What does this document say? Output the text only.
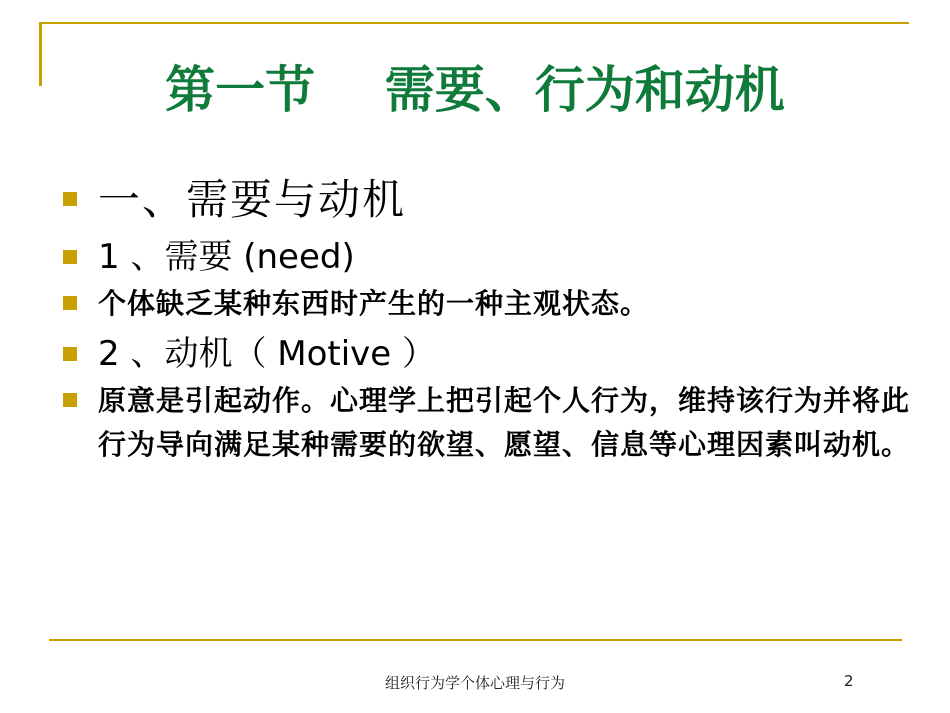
第一节    需要、行为和动机
一、需要与动机
1 、需要 (need)
个体缺乏某种东西时产生的一种主观状态。
2 、动机（ Motive ）
原意是引起动作。心理学上把引起个人行为，维持该行为并将此行为导向满足某种需要的欲望、愿望、信息等心理因素叫动机。
组织行为学个体心理与行为	2
